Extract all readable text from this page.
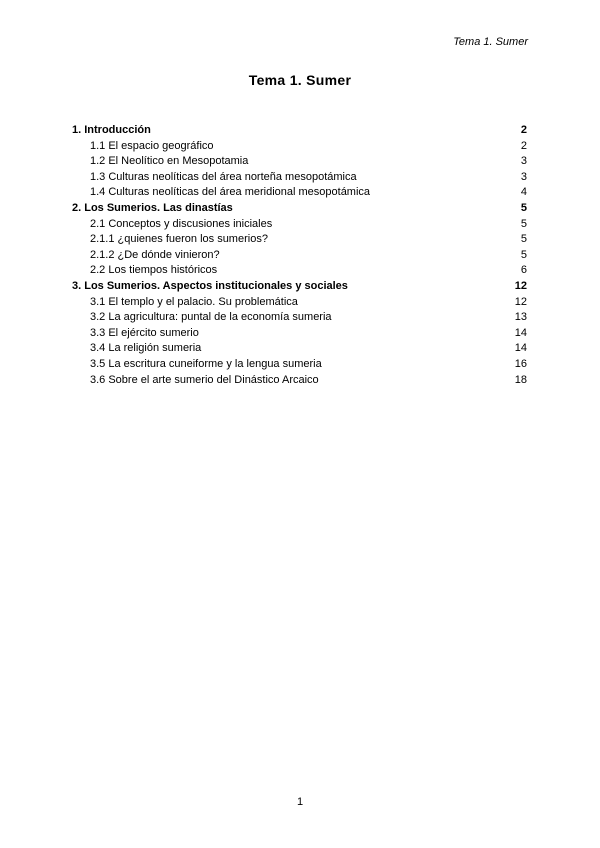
Tema 1. Sumer
Tema 1. Sumer
1. Introducción	2
1.1 El espacio geográfico	2
1.2 El Neolítico en Mesopotamia	3
1.3 Culturas neolíticas del área norteña mesopotámica	3
1.4 Culturas neolíticas del área meridional mesopotámica	4
2. Los Sumerios. Las dinastías	5
2.1 Conceptos y discusiones iniciales	5
2.1.1 ¿quienes fueron los sumerios?	5
2.1.2 ¿De dónde vinieron?	5
2.2 Los tiempos históricos	6
3. Los Sumerios. Aspectos institucionales y sociales	12
3.1 El templo y el palacio. Su problemática	12
3.2 La agricultura: puntal de la economía sumeria	13
3.3 El ejército sumerio	14
3.4 La religión sumeria	14
3.5 La escritura cuneiforme y la lengua sumeria	16
3.6 Sobre el arte sumerio del Dinástico Arcaico	18
1
